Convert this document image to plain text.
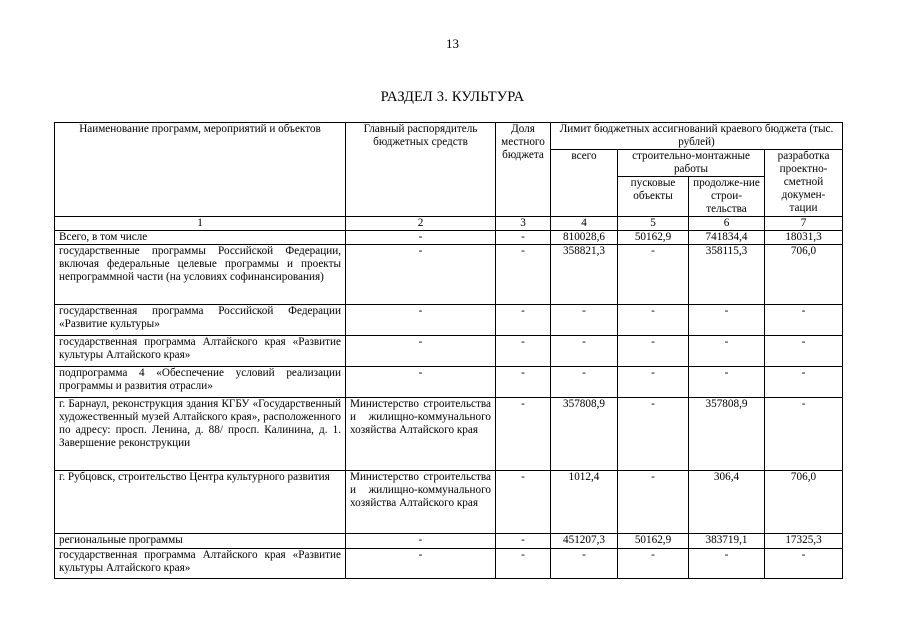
13
РАЗДЕЛ 3. КУЛЬТУРА
Наименование программ, мероприятий и объектов	Главный распорядитель бюджетных средств	Доля местного бюджета	Лимит бюджетных ассигнований краевого бюджета (тыс. рублей)			
			всего	строительно-монтажные работы		разработка проектно-сметной докумен-тации
				пусковые объекты	продолже-ние строи-тельства	
1	2	3	4	5	6	7
Всего, в том числе	-	-	810028,6	50162,9	741834,4	18031,3
государственные программы Российской Федерации, включая федеральные целевые программы и проекты непрограммной части (на условиях софинансирования)	-	-	358821,3	-	358115,3	706,0
государственная программа Российской Федерации «Развитие культуры»	-	-	-	-	-	-
государственная программа Алтайского края «Развитие культуры Алтайского края»	-	-	-	-	-	-
подпрограмма 4 «Обеспечение условий реализации программы и развития отрасли»	-	-	-	-	-	-
г. Барнаул, реконструкция здания КГБУ «Государственный художественный музей Алтайского края», расположенного по адресу: просп. Ленина, д. 88/ просп. Калинина, д. 1. Завершение реконструкции	Министерство строительства и жилищно-коммунального хозяйства Алтайского края	-	357808,9	-	357808,9	-
г. Рубцовск, строительство Центра культурного развития	Министерство строительства и жилищно-коммунального хозяйства Алтайского края	-	1012,4	-	306,4	706,0
региональные программы	-	-	451207,3	50162,9	383719,1	17325,3
государственная программа Алтайского края «Развитие культуры Алтайского края»	-	-	-	-	-	-
